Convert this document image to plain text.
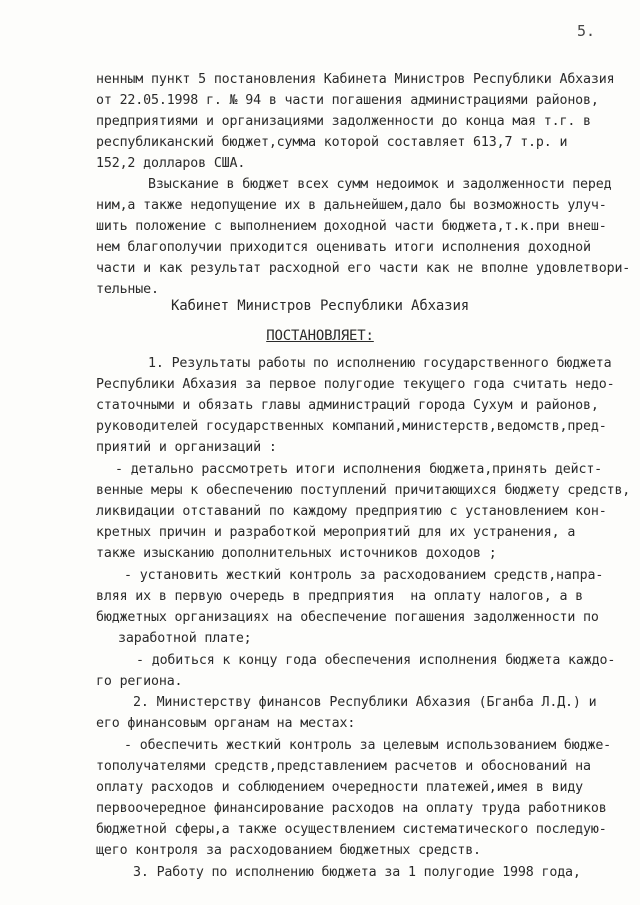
5.
ненным пункт 5 постановления Кабинета Министров Республики Абхазия
от 22.05.1998 г. № 94 в части погашения администрациями районов,
предприятиями и организациями задолженности до конца мая т.г. в
республиканский бюджет,сумма которой составляет 613,7 т.р. и
152,2 долларов США.
Взыскание в бюджет всех сумм недоимок и задолженности перед
ним,а также недопущение их в дальнейшем,дало бы возможность улуч-
шить положение с выполнением доходной части бюджета,т.к.при внеш-
нем благополучии приходится оценивать итоги исполнения доходной
части и как результат расходной его части как не вполне удовлетвори-
тельные.
Кабинет Министров Республики Абхазия
ПОСТАНОВЛЯЕТ:
1. Результаты работы по исполнению государственного бюджета
Республики Абхазия за первое полугодие текущего года считать недо-
статочными и обязать главы администраций города Сухум и районов,
руководителей государственных компаний,министерств,ведомств,пред-
приятий и организаций :
- детально рассмотреть итоги исполнения бюджета,принять дейст-
венные меры к обеспечению поступлений причитающихся бюджету средств,
ликвидации отставаний по каждому предприятию с установлением кон-
кретных причин и разработкой мероприятий для их устранения, а
также изысканию дополнительных источников доходов ;
- установить жесткий контроль за расходованием средств,напра-
вляя их в первую очередь в предприятия  на оплату налогов, а в
бюджетных организациях на обеспечение погашения задолженности по
заработной плате;
- добиться к концу года обеспечения исполнения бюджета каждо-
го региона.
2. Министерству финансов Республики Абхазия (Бганба Л.Д.) и
его финансовым органам на местах:
- обеспечить жесткий контроль за целевым использованием бюдже-
тополучателями средств,представлением расчетов и обоснований на
оплату расходов и соблюдением очередности платежей,имея в виду
первоочередное финансирование расходов на оплату труда работников
бюджетной сферы,а также осуществлением систематического последую-
щего контроля за расходованием бюджетных средств.
3. Работу по исполнению бюджета за 1 полугодие 1998 года,
